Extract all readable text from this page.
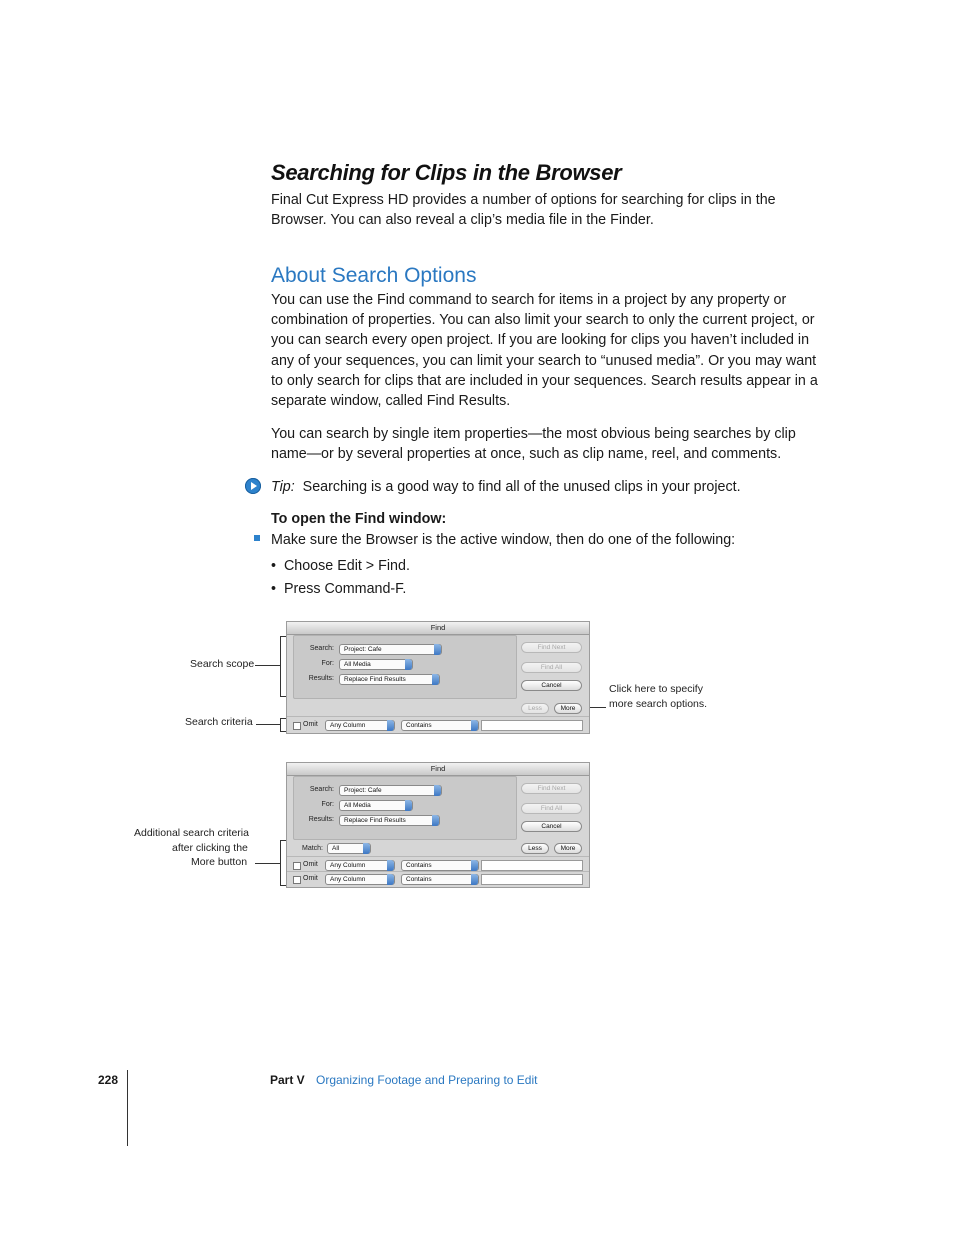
Searching for Clips in the Browser
Final Cut Express HD provides a number of options for searching for clips in the Browser. You can also reveal a clip’s media file in the Finder.
About Search Options
You can use the Find command to search for items in a project by any property or combination of properties. You can also limit your search to only the current project, or you can search every open project. If you are looking for clips you haven’t included in any of your sequences, you can limit your search to “unused media”. Or you may want to only search for clips that are included in your sequences. Search results appear in a separate window, called Find Results.
You can search by single item properties—the most obvious being searches by clip name—or by several properties at once, such as clip name, reel, and comments.
Tip: Searching is a good way to find all of the unused clips in your project.
To open the Find window:
Make sure the Browser is the active window, then do one of the following:
•  Choose Edit > Find.
•  Press Command-F.
Search scope
Search criteria
Click here to specify
more search options.
Find
Search:	Project: Cafe
For:	All Media
Results:	Replace Find Results
Find Next
Find All
Cancel
Less	More
Omit	Any Column	Contains
Additional search criteria
after clicking the
More button
Find
Search:	Project: Cafe
For:	All Media
Results:	Replace Find Results
Find Next
Find All
Cancel
Match:	All	Less	More
Omit	Any Column	Contains
Omit	Any Column	Contains
228	Part V Organizing Footage and Preparing to Edit
